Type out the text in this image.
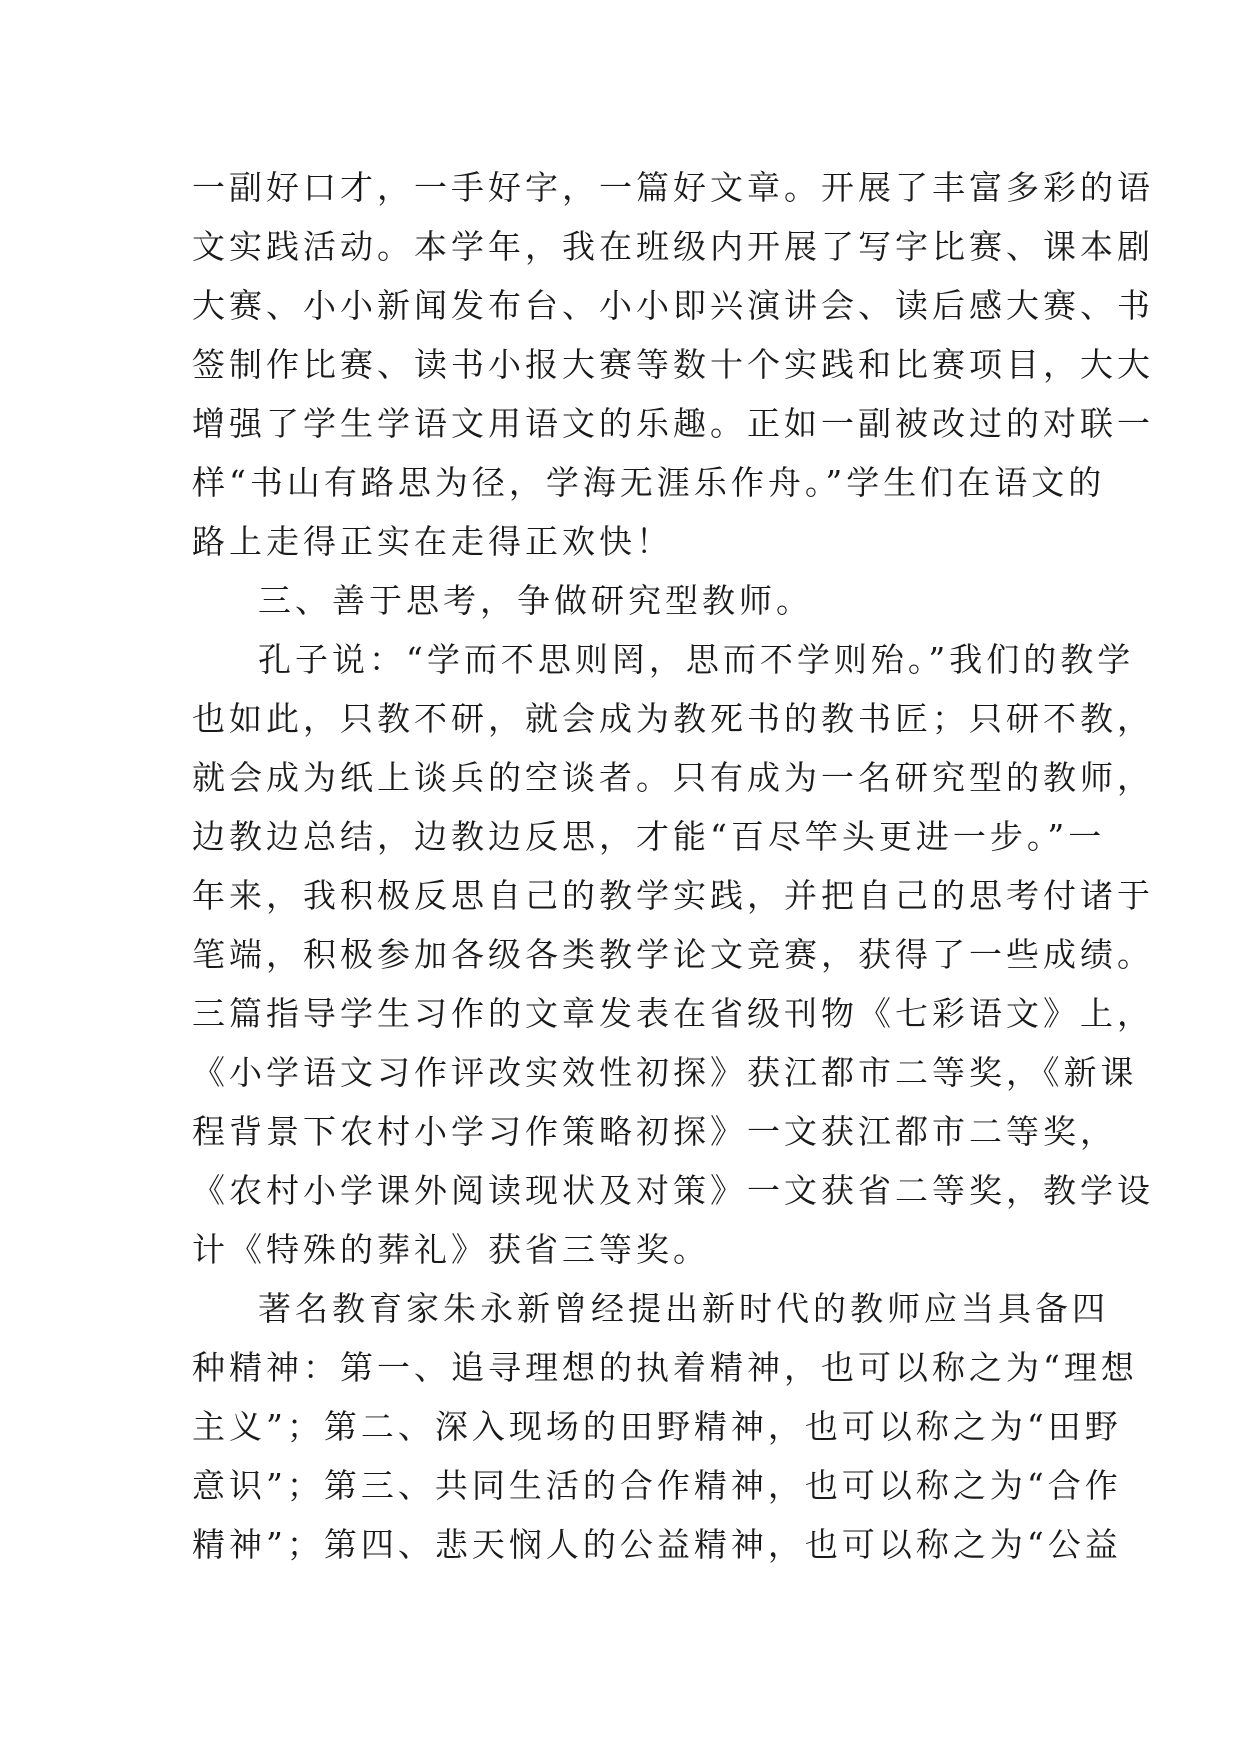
一副好口才，一手好字，一篇好文章。开展了丰富多彩的语
文实践活动。本学年，我在班级内开展了写字比赛、课本剧
大赛、小小新闻发布台、小小即兴演讲会、读后感大赛、书
签制作比赛、读书小报大赛等数十个实践和比赛项目，大大
增强了学生学语文用语文的乐趣。正如一副被改过的对联一
样“书山有路思为径，学海无涯乐作舟。”学生们在语文的
路上走得正实在走得正欢快！
三、善于思考，争做研究型教师。
孔子说：“学而不思则罔，思而不学则殆。”我们的教学
也如此，只教不研，就会成为教死书的教书匠；只研不教，
就会成为纸上谈兵的空谈者。只有成为一名研究型的教师，
边教边总结，边教边反思，才能“百尽竿头更进一步。”一
年来，我积极反思自己的教学实践，并把自己的思考付诸于
笔端，积极参加各级各类教学论文竞赛，获得了一些成绩。
三篇指导学生习作的文章发表在省级刊物《七彩语文》上，
《小学语文习作评改实效性初探》获江都市二等奖，《新课
程背景下农村小学习作策略初探》一文获江都市二等奖，
《农村小学课外阅读现状及对策》一文获省二等奖，教学设
计《特殊的葬礼》获省三等奖。
著名教育家朱永新曾经提出新时代的教师应当具备四
种精神：第一、追寻理想的执着精神，也可以称之为“理想
主义”；第二、深入现场的田野精神，也可以称之为“田野
意识”；第三、共同生活的合作精神，也可以称之为“合作
精神”；第四、悲天悯人的公益精神，也可以称之为“公益
